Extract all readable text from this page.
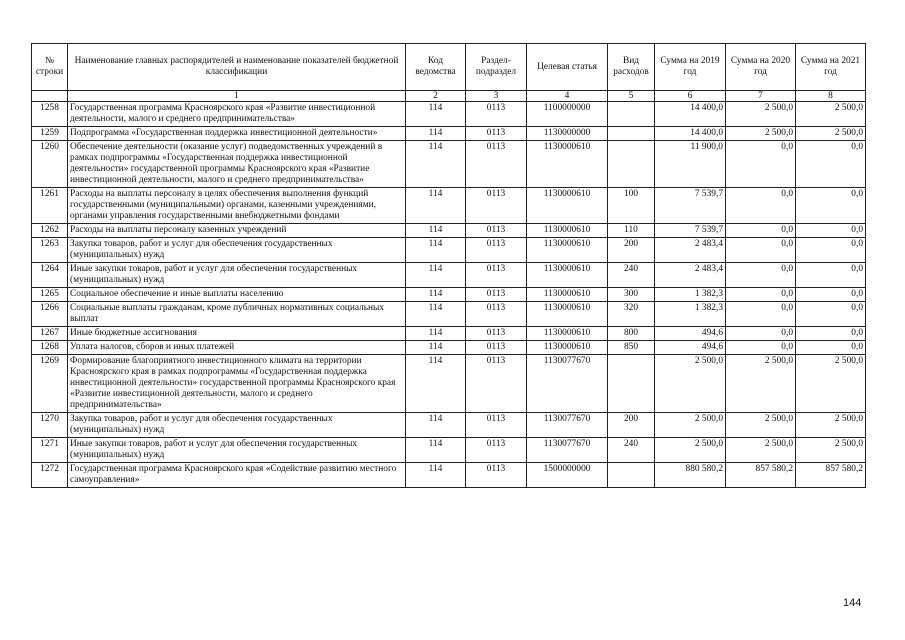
№ строки	Наименование главных распорядителей и наименование показателей бюджетной классификации	Код ведомства	Раздел-подраздел	Целевая статья	Вид расходов	Сумма на 2019 год	Сумма на 2020 год	Сумма на 2021 год
	1	2	3	4	5	6	7	8
1258	Государственная программа Красноярского края «Развитие инвестиционной деятельности, малого и среднего предпринимательства»	114	0113	1100000000		14 400,0	2 500,0	2 500,0
1259	Подпрограмма «Государственная поддержка инвестиционной деятельности»	114	0113	1130000000		14 400,0	2 500,0	2 500,0
1260	Обеспечение деятельности (оказание услуг) подведомственных учреждений в рамках подпрограммы «Государственная поддержка инвестиционной деятельности» государственной программы Красноярского края «Развитие инвестиционной деятельности, малого и среднего предпринимательства»	114	0113	1130000610		11 900,0	0,0	0,0
1261	Расходы на выплаты персоналу в целях обеспечения выполнения функций государственными (муниципальными) органами, казенными учреждениями, органами управления государственными внебюджетными фондами	114	0113	1130000610	100	7 539,7	0,0	0,0
1262	Расходы на выплаты персоналу казенных учреждений	114	0113	1130000610	110	7 539,7	0,0	0,0
1263	Закупка товаров, работ и услуг для обеспечения государственных (муниципальных) нужд	114	0113	1130000610	200	2 483,4	0,0	0,0
1264	Иные закупки товаров, работ и услуг для обеспечения государственных (муниципальных) нужд	114	0113	1130000610	240	2 483,4	0,0	0,0
1265	Социальное обеспечение и иные выплаты населению	114	0113	1130000610	300	1 382,3	0,0	0,0
1266	Социальные выплаты гражданам, кроме публичных нормативных социальных выплат	114	0113	1130000610	320	1 382,3	0,0	0,0
1267	Иные бюджетные ассигнования	114	0113	1130000610	800	494,6	0,0	0,0
1268	Уплата налогов, сборов и иных платежей	114	0113	1130000610	850	494,6	0,0	0,0
1269	Формирование благоприятного инвестиционного климата на территории Красноярского края в рамках подпрограммы «Государственная поддержка инвестиционной деятельности» государственной программы Красноярского края «Развитие инвестиционной деятельности, малого и среднего предпринимательства»	114	0113	1130077670		2 500,0	2 500,0	2 500,0
1270	Закупка товаров, работ и услуг для обеспечения государственных (муниципальных) нужд	114	0113	1130077670	200	2 500,0	2 500,0	2 500,0
1271	Иные закупки товаров, работ и услуг для обеспечения государственных (муниципальных) нужд	114	0113	1130077670	240	2 500,0	2 500,0	2 500,0
1272	Государственная программа Красноярского края «Содействие развитию местного самоуправления»	114	0113	1500000000		880 580,2	857 580,2	857 580,2
144
